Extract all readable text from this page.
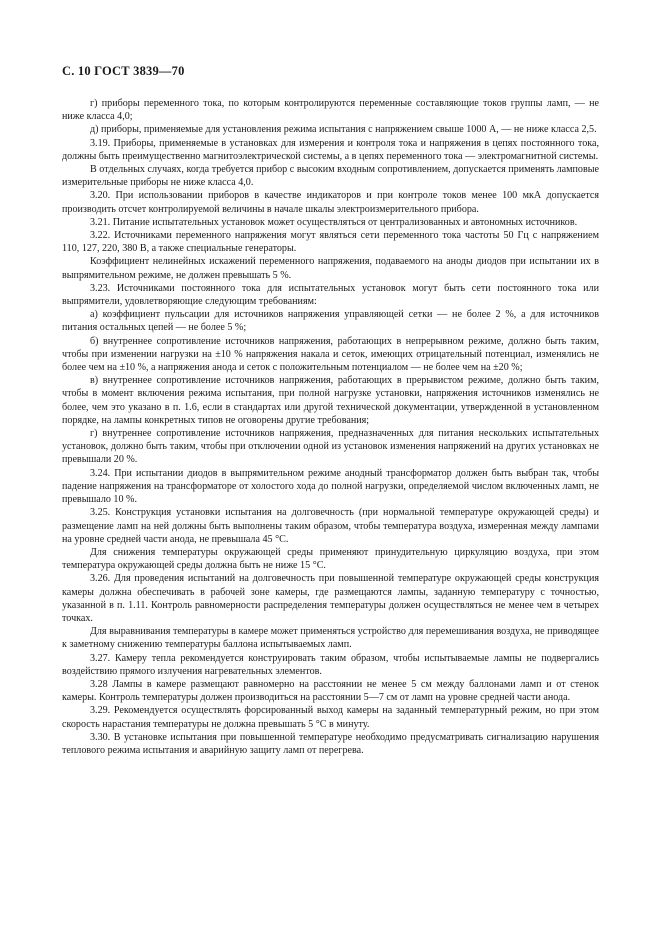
С. 10 ГОСТ 3839—70

г) приборы переменного тока, по которым контролируются переменные составляющие токов группы ламп, — не ниже класса 4,0;

д) приборы, применяемые для установления режима испытания с напряжением свыше 1000 А, — не ниже класса 2,5.

3.19. Приборы, применяемые в установках для измерения и контроля тока и напряжения в цепях постоянного тока, должны быть преимущественно магнитоэлектрической системы, а в цепях переменного тока — электромагнитной системы.

В отдельных случаях, когда требуется прибор с высоким входным сопротивлением, допускается применять ламповые измерительные приборы не ниже класса 4,0.

3.20. При использовании приборов в качестве индикаторов и при контроле токов менее 100 мкА допускается производить отсчет контролируемой величины в начале шкалы электроизмерительного прибора.

3.21. Питание испытательных установок может осуществляться от централизованных и автономных источников.

3.22. Источниками переменного напряжения могут являться сети переменного тока частоты 50 Гц с напряжением 110, 127, 220, 380 В, а также специальные генераторы.

Коэффициент нелинейных искажений переменного напряжения, подаваемого на аноды диодов при испытании их в выпрямительном режиме, не должен превышать 5 %.

3.23. Источниками постоянного тока для испытательных установок могут быть сети постоянного тока или выпрямители, удовлетворяющие следующим требованиям:

а) коэффициент пульсации для источников напряжения управляющей сетки — не более 2 %, а для источников питания остальных цепей — не более 5 %;

б) внутреннее сопротивление источников напряжения, работающих в непрерывном режиме, должно быть таким, чтобы при изменении нагрузки на ±10 % напряжения накала и сеток, имеющих отрицательный потенциал, изменялись не более чем на ±10 %, а напряжения анода и сеток с положительным потенциалом — не более чем на ±20 %;

в) внутреннее сопротивление источников напряжения, работающих в прерывистом режиме, должно быть таким, чтобы в момент включения режима испытания, при полной нагрузке установки, напряжения источников изменялись не более, чем это указано в п. 1.6, если в стандартах или другой технической документации, утвержденной в установленном порядке, на лампы конкретных типов не оговорены другие требования;

г) внутреннее сопротивление источников напряжения, предназначенных для питания нескольких испытательных установок, должно быть таким, чтобы при отключении одной из установок изменения напряжений на других установках не превышали 20 %.

3.24. При испытании диодов в выпрямительном режиме анодный трансформатор должен быть выбран так, чтобы падение напряжения на трансформаторе от холостого хода до полной нагрузки, определяемой числом включенных ламп, не превышало 10 %.

3.25. Конструкция установки испытания на долговечность (при нормальной температуре окружающей среды) и размещение ламп на ней должны быть выполнены таким образом, чтобы температура воздуха, измеренная между лампами на уровне средней части анода, не превышала 45 °С.

Для снижения температуры окружающей среды применяют принудительную циркуляцию воздуха, при этом температура окружающей среды должна быть не ниже 15 °С.

3.26. Для проведения испытаний на долговечность при повышенной температуре окружающей среды конструкция камеры должна обеспечивать в рабочей зоне камеры, где размещаются лампы, заданную температуру с точностью, указанной в п. 1.11. Контроль равномерности распределения температуры должен осуществляться не менее чем в четырех точках.

Для выравнивания температуры в камере может применяться устройство для перемешивания воздуха, не приводящее к заметному снижению температуры баллона испытываемых ламп.

3.27. Камеру тепла рекомендуется конструировать таким образом, чтобы испытываемые лампы не подвергались воздействию прямого излучения нагревательных элементов.

3.28 Лампы в камере размещают равномерно на расстоянии не менее 5 см между баллонами ламп и от стенок камеры. Контроль температуры должен производиться на расстоянии 5—7 см от ламп на уровне средней части анода.

3.29. Рекомендуется осуществлять форсированный выход камеры на заданный температурный режим, но при этом скорость нарастания температуры не должна превышать 5 °С в минуту.

3.30. В установке испытания при повышенной температуре необходимо предусматривать сигнализацию нарушения теплового режима испытания и аварийную защиту ламп от перегрева.
